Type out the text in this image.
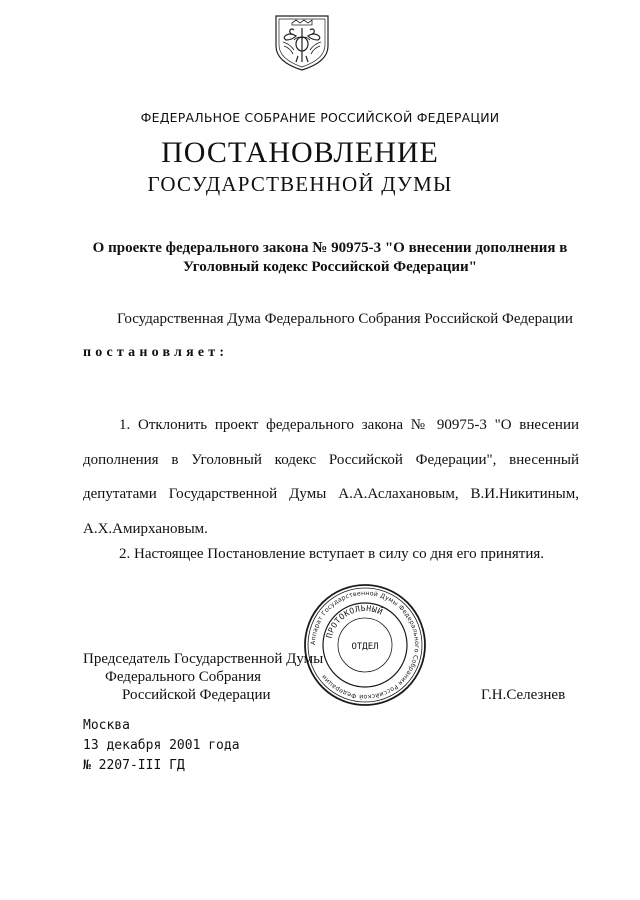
ФЕДЕРАЛЬНОЕ СОБРАНИЕ РОССИЙСКОЙ ФЕДЕРАЦИИ
ПОСТАНОВЛЕНИЕ
ГОСУДАРСТВЕННОЙ ДУМЫ
О проекте федерального закона № 90975-3 "О внесении дополнения в
Уголовный кодекс Российской Федерации"
Государственная Дума Федерального Собрания Российской Федерации
постановляет:
1. Отклонить проект федерального закона № 90975-3 "О внесении дополнения в Уголовный кодекс Российской Федерации", внесенный депутатами Государственной Думы А.А.Аслахановым, В.И.Никитиным, А.Х.Амирхановым.
2. Настоящее Постановление вступает в силу со дня его принятия.
Аппарат Государственной Думы Федерального Собрания Российской Федерации
ПРОТОКОЛЬНЫЙ
ОТДЕЛ
Председатель Государственной Думы
Федерального Собрания
Российской Федерации	Г.Н.Селезнев
Москва
13 декабря 2001 года
№ 2207-III ГД
